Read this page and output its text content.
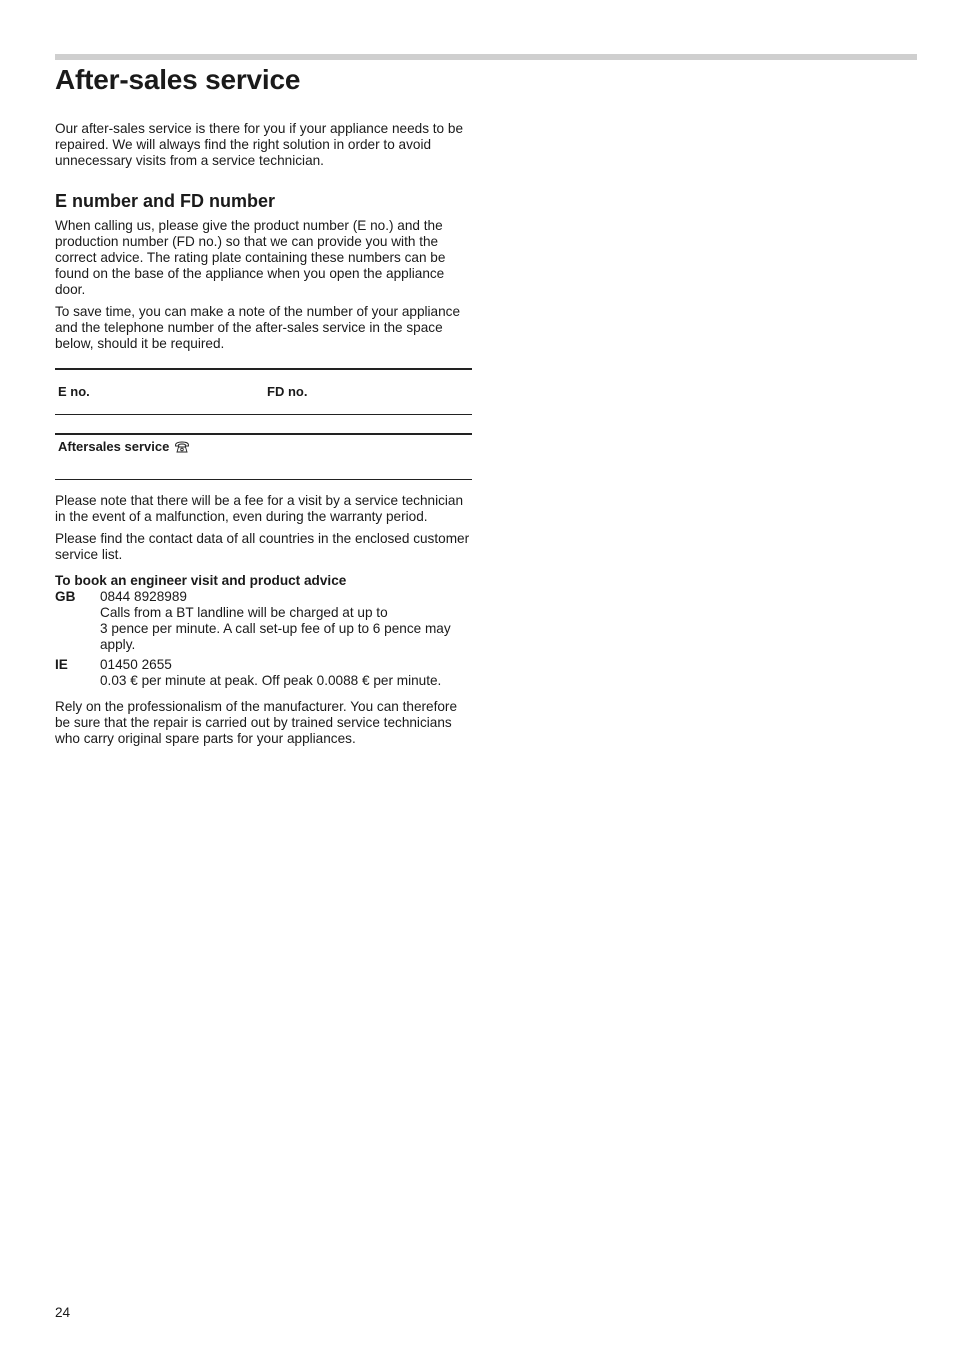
After-sales service

Our after-sales service is there for you if your appliance needs to be repaired. We will always find the right solution in order to avoid unnecessary visits from a service technician.

E number and FD number

When calling us, please give the product number (E no.) and the production number (FD no.) so that we can provide you with the correct advice. The rating plate containing these numbers can be found on the base of the appliance when you open the appliance door.

To save time, you can make a note of the number of your appliance and the telephone number of the after-sales service in the space below, should it be required.

E no.	FD no.
Aftersales service

Please note that there will be a fee for a visit by a service technician in the event of a malfunction, even during the warranty period.

Please find the contact data of all countries in the enclosed customer service list.

To book an engineer visit and product advice
GB	0844 8928989
Calls from a BT landline will be charged at up to
3 pence per minute. A call set-up fee of up to 6 pence may apply.
IE	01450 2655
0.03 € per minute at peak. Off peak 0.0088 € per minute.

Rely on the professionalism of the manufacturer. You can therefore be sure that the repair is carried out by trained service technicians who carry original spare parts for your appliances.

24
